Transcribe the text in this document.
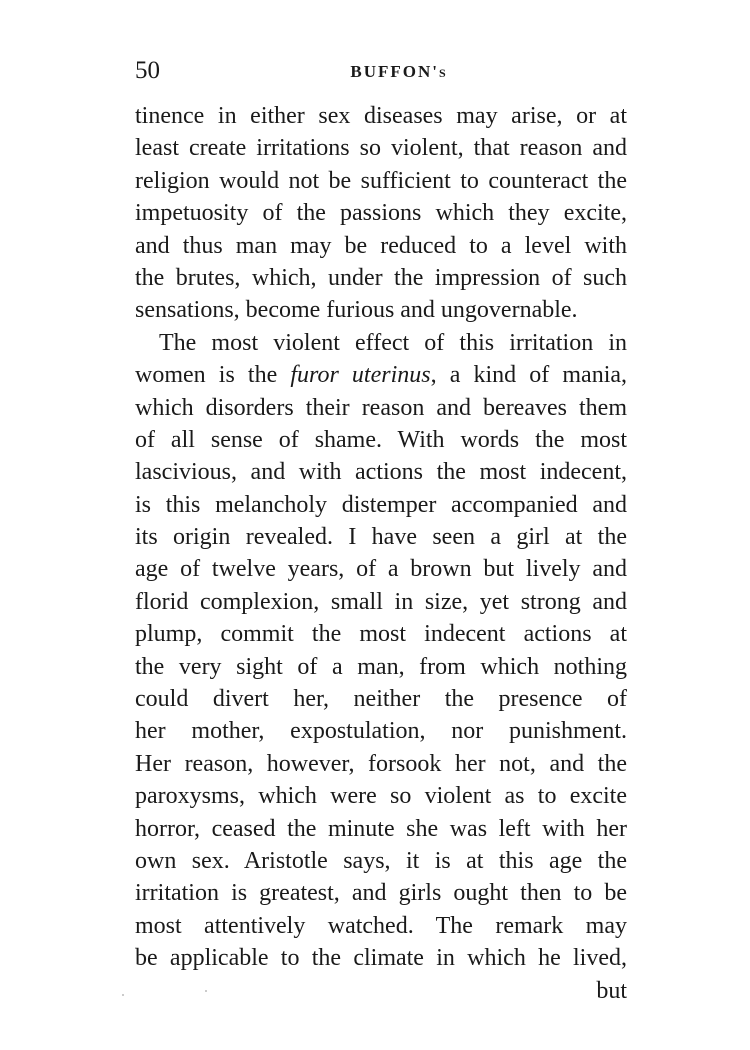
50	BUFFON's
tinence in either sex diseases may arise, or at
least create irritations so violent, that reason and
religion would not be sufficient to counteract the
impetuosity of the passions which they excite,
and thus man may be reduced to a level with
the brutes, which, under the impression of such
sensations, become furious and ungovernable.
The most violent effect of this irritation in
women is the furor uterinus, a kind of mania,
which disorders their reason and bereaves them
of all sense of shame. With words the most
lascivious, and with actions the most indecent,
is this melancholy distemper accompanied and
its origin revealed. I have seen a girl at the
age of twelve years, of a brown but lively and
florid complexion, small in size, yet strong and
plump, commit the most indecent actions at
the very sight of a man, from which nothing
could divert her, neither the presence of
her mother, expostulation, nor punishment.
Her reason, however, forsook her not, and the
paroxysms, which were so violent as to excite
horror, ceased the minute she was left with her
own sex. Aristotle says, it is at this age the
irritation is greatest, and girls ought then to be
most attentively watched. The remark may
be applicable to the climate in which he lived,
but
